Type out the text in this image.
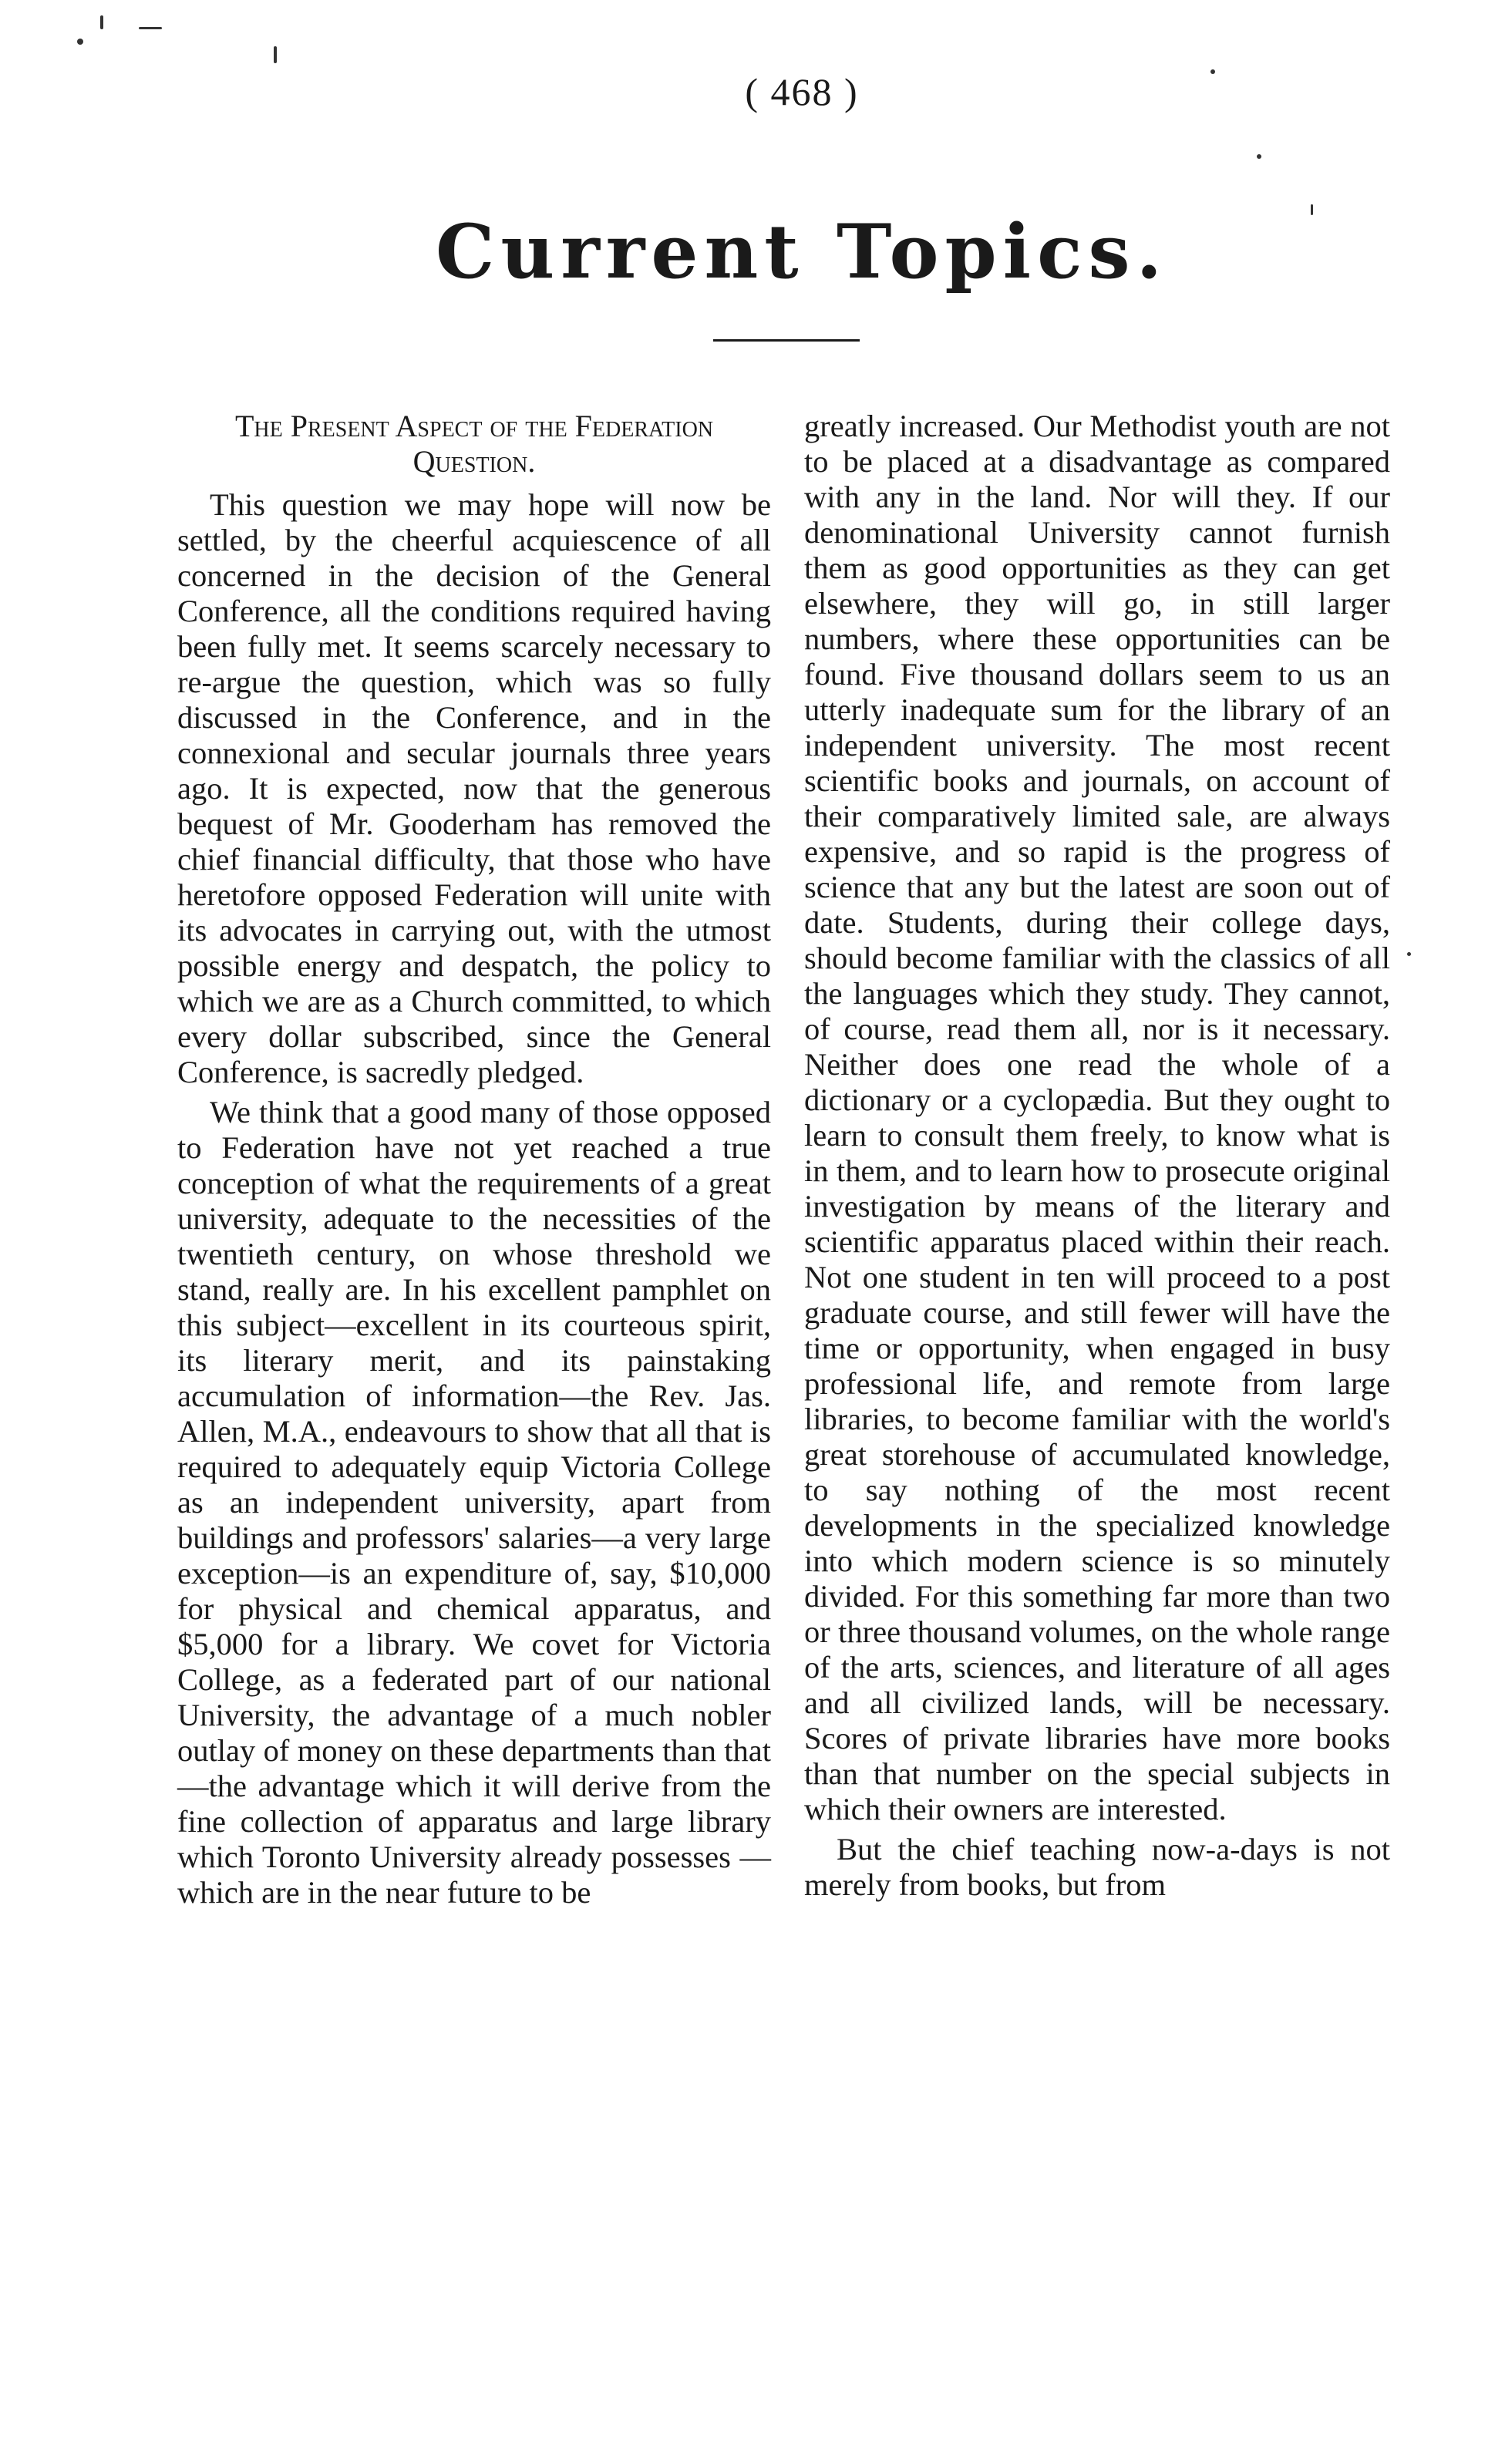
( 468 )
Current Topics.
The Present Aspect of the Federation Question.

This question we may hope will now be settled, by the cheerful acquiescence of all concerned in the decision of the General Conference, all the conditions required having been fully met. It seems scarcely necessary to re-argue the question, which was so fully discussed in the Conference, and in the connexional and secular journals three years ago. It is expected, now that the generous bequest of Mr. Gooderham has removed the chief financial difficulty, that those who have heretofore opposed Federation will unite with its advocates in carrying out, with the utmost possible energy and despatch, the policy to which we are as a Church committed, to which every dollar subscribed, since the General Conference, is sacredly pledged.

We think that a good many of those opposed to Federation have not yet reached a true conception of what the requirements of a great university, adequate to the necessities of the twentieth century, on whose threshold we stand, really are. In his excellent pamphlet on this subject—excellent in its courteous spirit, its literary merit, and its painstaking accumulation of information—the Rev. Jas. Allen, M.A., endeavours to show that all that is required to adequately equip Victoria College as an independent university, apart from buildings and professors' salaries—a very large exception—is an expenditure of, say, $10,000 for physical and chemical apparatus, and $5,000 for a library. We covet for Victoria College, as a federated part of our national University, the advantage of a much nobler outlay of money on these departments than that—the advantage which it will derive from the fine collection of apparatus and large library which Toronto University already possesses —which are in the near future to be

greatly increased. Our Methodist youth are not to be placed at a disadvantage as compared with any in the land. Nor will they. If our denominational University cannot furnish them as good opportunities as they can get elsewhere, they will go, in still larger numbers, where these opportunities can be found. Five thousand dollars seem to us an utterly inadequate sum for the library of an independent university. The most recent scientific books and journals, on account of their comparatively limited sale, are always expensive, and so rapid is the progress of science that any but the latest are soon out of date. Students, during their college days, should become familiar with the classics of all the languages which they study. They cannot, of course, read them all, nor is it necessary. Neither does one read the whole of a dictionary or a cyclopædia. But they ought to learn to consult them freely, to know what is in them, and to learn how to prosecute original investigation by means of the literary and scientific apparatus placed within their reach. Not one student in ten will proceed to a post graduate course, and still fewer will have the time or opportunity, when engaged in busy professional life, and remote from large libraries, to become familiar with the world's great storehouse of accumulated knowledge, to say nothing of the most recent developments in the specialized knowledge into which modern science is so minutely divided. For this something far more than two or three thousand volumes, on the whole range of the arts, sciences, and literature of all ages and all civilized lands, will be necessary. Scores of private libraries have more books than that number on the special subjects in which their owners are interested.

But the chief teaching now-a-days is not merely from books, but from
